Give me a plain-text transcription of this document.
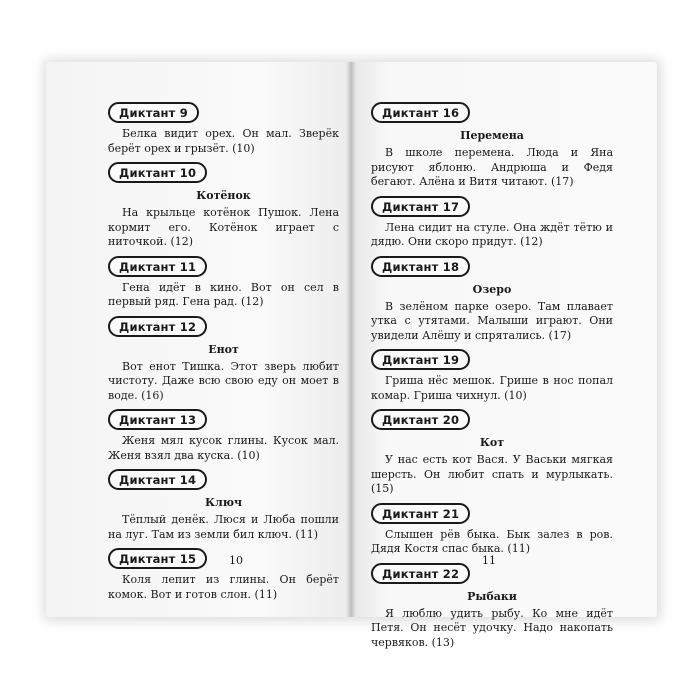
Диктант 9
Белка видит орех. Он мал. Зверёк берёт орех и грызёт. (10)
Диктант 10
Котёнок
На крыльце котёнок Пушок. Лена кормит его. Котёнок играет с ниточкой. (12)
Диктант 11
Гена идёт в кино. Вот он сел в первый ряд. Гена рад. (12)
Диктант 12
Енот
Вот енот Тишка. Этот зверь любит чистоту. Даже всю свою еду он моет в воде. (16)
Диктант 13
Женя мял кусок глины. Кусок мал. Женя взял два куска. (10)
Диктант 14
Ключ
Тёплый денёк. Люся и Люба пошли на луг. Там из земли бил ключ. (11)
Диктант 15
Коля лепит из глины. Он берёт комок. Вот и готов слон. (11)
10
Диктант 16
Перемена
В школе перемена. Люда и Яна рисуют яблоню. Андрюша и Федя бегают. Алёна и Витя читают. (17)
Диктант 17
Лена сидит на стуле. Она ждёт тётю и дядю. Они скоро придут. (12)
Диктант 18
Озеро
В зелёном парке озеро. Там плавает утка с утятами. Малыши играют. Они увидели Алёшу и спрятались. (17)
Диктант 19
Гриша нёс мешок. Грише в нос попал комар. Гриша чихнул. (10)
Диктант 20
Кот
У нас есть кот Вася. У Васьки мягкая шерсть. Он любит спать и мурлыкать. (15)
Диктант 21
Слышен рёв быка. Бык залез в ров. Дядя Костя спас быка. (11)
Диктант 22
Рыбаки
Я люблю удить рыбу. Ко мне идёт Петя. Он несёт удочку. Надо накопать червяков. (13)
11
